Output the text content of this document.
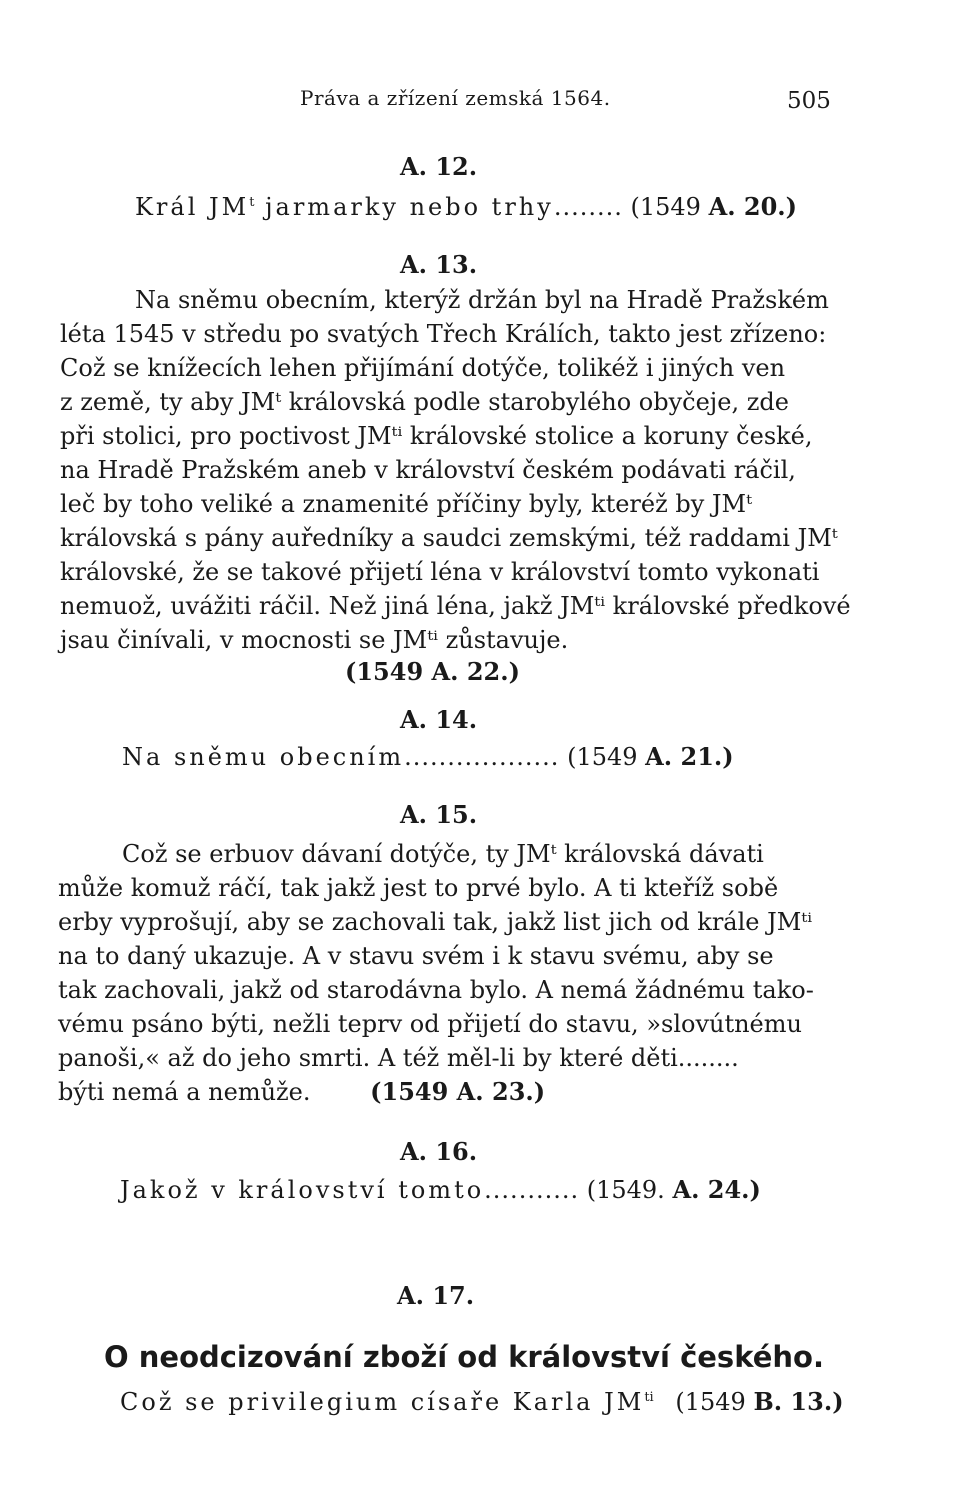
Práva a zřízení zemská 1564.	505
A. 12.
Král $JM^t$ jarmarky nebo trhy........ (1549 A. 20.)
A. 13.
Na sněmu obecním, kterýž držán byl na Hradě Pražském
léta 1545 v středu po svatých Třech Králích, takto jest zřízeno:
Což se knížecích lehen přijímání dotýče, tolikéž i jiných ven
z země, ty aby JMᵗ královská podle starobylého obyčeje, zde
při stolici, pro poctivost JMᵗⁱ královské stolice a koruny české,
na Hradě Pražském aneb v království českém podávati ráčil,
leč by toho veliké a znamenité příčiny byly, kteréž by JMᵗ
královská s pány auředníky a saudci zemskými, též raddami JMᵗ
královské, že se takové přijetí léna v království tomto vykonati
nemuož, uvážiti ráčil. Než jiná léna, jakž JMᵗⁱ královské předkové
jsau činívali, v mocnosti se JMᵗⁱ zůstavuje.
(1549 A. 22.)
A. 14.
Na sněmu obecním.................. (1549 A. 21.)
A. 15.
Což se erbuov dávaní dotýče, ty JMᵗ královská dávati
může komuž ráčí, tak jakž jest to prvé bylo. A ti kteříž sobě
erby vyprošují, aby se zachovali tak, jakž list jich od krále JMᵗⁱ
na to daný ukazuje. A v stavu svém i k stavu svému, aby se
tak zachovali, jakž od starodávna bylo. A nemá žádnému tako-
vému psáno býti, nežli teprv od přijetí do stavu, »slovútnému
panoši,« až do jeho smrti. A též měl-li by které děti........
býti nemá a nemůže. (1549 A. 23.)
A. 16.
Jakož v království tomto........... (1549. A. 24.)
A. 17.
O neodcizování zboží od království českého.
Což se privilegium císaře Karla $JM^{ti}$ (1549 B. 13.)
